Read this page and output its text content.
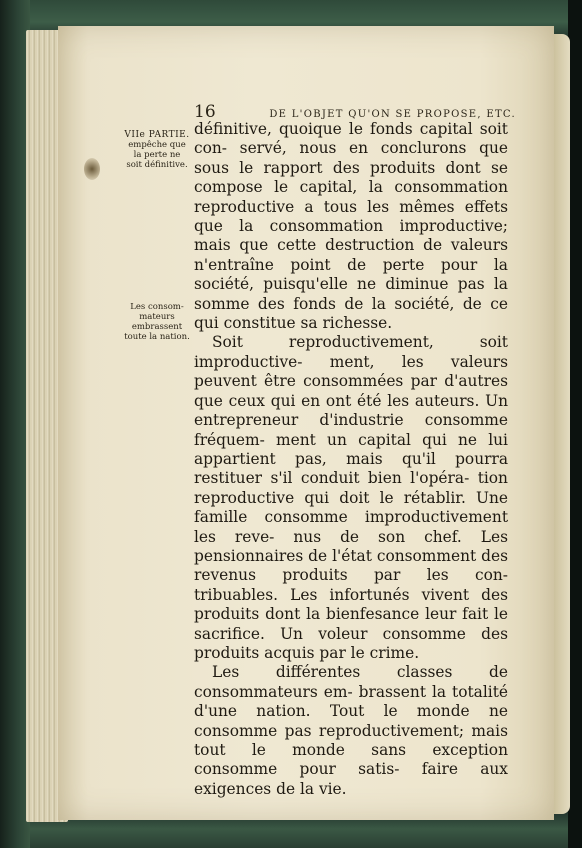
16	DE L'OBJET QU'ON SE PROPOSE, ETC.
VIIe PARTIE.
empêche que
la perte ne
soit définitive.
Les consom-
mateurs
embrassent
toute la nation.

définitive, quoique le fonds capital soit con- servé, nous en conclurons que sous le rapport des produits dont se compose le capital, la consommation reproductive a tous les mêmes effets que la consommation improductive; mais que cette destruction de valeurs n'entraîne point de perte pour la société, puisqu'elle ne diminue pas la somme des fonds de la société, de ce qui constitue sa richesse.

Soit reproductivement, soit improductive- ment, les valeurs peuvent être consommées par d'autres que ceux qui en ont été les auteurs. Un entrepreneur d'industrie consomme fréquem- ment un capital qui ne lui appartient pas, mais qu'il pourra restituer s'il conduit bien l'opéra- tion reproductive qui doit le rétablir. Une famille consomme improductivement les reve- nus de son chef. Les pensionnaires de l'état consomment des revenus produits par les con- tribuables. Les infortunés vivent des produits dont la bienfesance leur fait le sacrifice. Un voleur consomme des produits acquis par le crime.

Les différentes classes de consommateurs em- brassent la totalité d'une nation. Tout le monde ne consomme pas reproductivement; mais tout le monde sans exception consomme pour satis- faire aux exigences de la vie.
